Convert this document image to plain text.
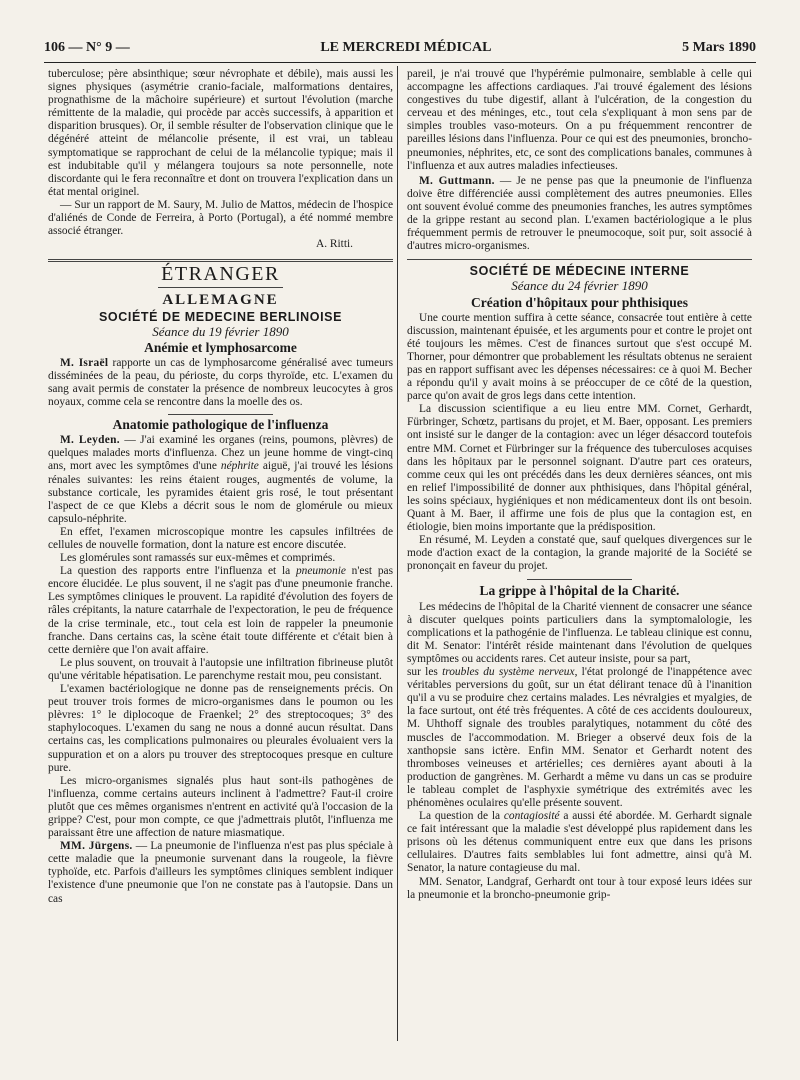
106 — N° 9 —	LE MERCREDI MÉDICAL	5 Mars 1890

tuberculose; père absinthique; sœur névrophate et débile), mais aussi les signes physiques (asymétrie cranio-faciale, malformations dentaires, prognathisme de la mâchoire supérieure) et surtout l'évolution (marche rémittente de la maladie, qui procède par accès successifs, à apparition et disparition brusques). Or, il semble résulter de l'observation clinique que le dégénéré atteint de mélancolie présente, il est vrai, un tableau symptomatique se rapprochant de celui de la mélancolie typique; mais il est indubitable qu'il y mélangera toujours sa note personnelle, note discordante qui le fera reconnaître et dont on trouvera l'explication dans un état mental originel.

— Sur un rapport de M. Saury, M. Julio de Mattos, médecin de l'hospice d'aliénés de Conde de Ferreira, à Porto (Portugal), a été nommé membre associé étranger.

A. Ritti.
ÉTRANGER
ALLEMAGNE
SOCIÉTÉ DE MEDECINE BERLINOISE
Séance du 19 février 1890
Anémie et lymphosarcome

M. Israël rapporte un cas de lymphosarcome généralisé avec tumeurs disséminées de la peau, du périoste, du corps thyroïde, etc. L'examen du sang avait permis de constater la présence de nombreux leucocytes à gros noyaux, comme cela se rencontre dans la moelle des os.

Anatomie pathologique de l'influenza

M. Leyden. — J'ai examiné les organes (reins, poumons, plèvres) de quelques malades morts d'influenza. Chez un jeune homme de vingt-cinq ans, mort avec les symptômes d'une néphrite aiguë, j'ai trouvé les lésions rénales suivantes: les reins étaient rouges, augmentés de volume, la substance corticale, les pyramides étaient gris rosé, le tout présentant l'aspect de ce que Klebs a décrit sous le nom de glomérule ou mieux capsulo-néphrite.

En effet, l'examen microscopique montre les capsules infiltrées de cellules de nouvelle formation, dont la nature est encore discutée.

Les glomérules sont ramassés sur eux-mêmes et comprimés.

La question des rapports entre l'influenza et la pneumonie n'est pas encore élucidée. Le plus souvent, il ne s'agit pas d'une pneumonie franche. Les symptômes cliniques le prouvent. La rapidité d'évolution des foyers de râles crépitants, la nature catarrhale de l'expectoration, le peu de fréquence de la crise terminale, etc., tout cela est loin de rappeler la pneumonie franche. Dans certains cas, la scène était toute différente et c'était bien à cette dernière que l'on avait affaire.

Le plus souvent, on trouvait à l'autopsie une infiltration fibrineuse plutôt qu'une véritable hépatisation. Le parenchyme restait mou, peu consistant.

L'examen bactériologique ne donne pas de renseignements précis. On peut trouver trois formes de micro-organismes dans le poumon ou les plèvres: 1° le diplocoque de Fraenkel; 2° des streptocoques; 3° des staphylocoques. L'examen du sang ne nous a donné aucun résultat. Dans certains cas, les complications pulmonaires ou pleurales évoluaient vers la suppuration et on a alors pu trouver des streptocoques presque en culture pure.

Les micro-organismes signalés plus haut sont-ils pathogènes de l'influenza, comme certains auteurs inclinent à l'admettre? Faut-il croire plutôt que ces mêmes organismes n'entrent en activité qu'à l'occasion de la grippe? C'est, pour mon compte, ce que j'admettrais plutôt, l'influenza me paraissant être une affection de nature miasmatique.

MM. Jürgens. — La pneumonie de l'influenza n'est pas plus spéciale à cette maladie que la pneumonie survenant dans la rougeole, la fièvre typhoïde, etc. Parfois d'ailleurs les symptômes cliniques semblent indiquer l'existence d'une pneumonie que l'on ne constate pas à l'autopsie. Dans un cas

pareil, je n'ai trouvé que l'hypérémie pulmonaire, semblable à celle qui accompagne les affections cardiaques. J'ai trouvé également des lésions congestives du tube digestif, allant à l'ulcération, de la congestion du cerveau et des méninges, etc., tout cela s'expliquant à mon sens par de simples troubles vaso-moteurs. On a pu fréquemment rencontrer de pareilles lésions dans l'influenza. Pour ce qui est des pneumonies, broncho-pneumonies, néphrites, etc, ce sont des complications banales, communes à l'influenza et aux autres maladies infectieuses.

M. Guttmann. — Je ne pense pas que la pneumonie de l'influenza doive être différenciée aussi complètement des autres pneumonies. Elles ont souvent évolué comme des pneumonies franches, les autres symptômes de la grippe restant au second plan. L'examen bactériologique a le plus fréquemment permis de retrouver le pneumocoque, soit pur, soit associé à d'autres micro-organismes.

SOCIÉTÉ DE MÉDECINE INTERNE
Séance du 24 février 1890
Création d'hôpitaux pour phthisiques

Une courte mention suffira à cette séance, consacrée tout entière à cette discussion, maintenant épuisée, et les arguments pour et contre le projet ont été toujours les mêmes. C'est de finances surtout que s'est occupé M. Thorner, pour démontrer que probablement les résultats obtenus ne seraient pas en rapport suffisant avec les dépenses nécessaires: ce à quoi M. Becher a répondu qu'il y avait moins à se préoccuper de ce côté de la question, parce qu'on avait de gros legs dans cette intention.

La discussion scientifique a eu lieu entre MM. Cornet, Gerhardt, Fürbringer, Schœtz, partisans du projet, et M. Baer, opposant. Les premiers ont insisté sur le danger de la contagion: avec un léger désaccord toutefois entre MM. Cornet et Fürbringer sur la fréquence des tuberculoses acquises dans les hôpitaux par le personnel soignant. D'autre part ces orateurs, comme ceux qui les ont précédés dans les deux dernières séances, ont mis en relief l'impossibilité de donner aux phthisiques, dans l'hôpital général, les soins spéciaux, hygiéniques et non médicamenteux dont ils ont besoin. Quant à M. Baer, il affirme une fois de plus que la contagion est, en étiologie, bien moins importante que la prédisposition.

En résumé, M. Leyden a constaté que, sauf quelques divergences sur le mode d'action exact de la contagion, la grande majorité de la Société se prononçait en faveur du projet.

La grippe à l'hôpital de la Charité.

Les médecins de l'hôpital de la Charité viennent de consacrer une séance à discuter quelques points particuliers dans la symptomalologie, les complications et la pathogénie de l'influenza. Le tableau clinique est connu, dit M. Senator: l'intérêt réside maintenant dans l'évolution de quelques symptômes ou accidents rares. Cet auteur insiste, pour sa part,

sur les troubles du système nerveux, l'état prolongé de l'inappétence avec véritables perversions du goût, sur un état délirant tenace dû à l'inanition qu'il a vu se produire chez certains malades. Les névralgies et myalgies, de la face surtout, ont été très fréquentes. A côté de ces accidents douloureux, M. Uhthoff signale des troubles paralytiques, notamment du côté des muscles de l'accommodation. M. Brieger a observé deux fois de la xanthopsie sans ictère. Enfin MM. Senator et Gerhardt notent des thromboses veineuses et artérielles; ces dernières ayant abouti à la production de gangrènes. M. Gerhardt a même vu dans un cas se produire le tableau complet de l'asphyxie symétrique des extrémités avec les phénomènes oculaires qu'elle présente souvent.

La question de la contagiosité a aussi été abordée. M. Gerhardt signale ce fait intéressant que la maladie s'est développé plus rapidement dans les prisons où les détenus communiquent entre eux que dans les prisons cellulaires. D'autres faits semblables lui font admettre, ainsi qu'à M. Senator, la nature contagieuse du mal.

MM. Senator, Landgraf, Gerhardt ont tour à tour exposé leurs idées sur la pneumonie et la broncho-pneumonie grip-
